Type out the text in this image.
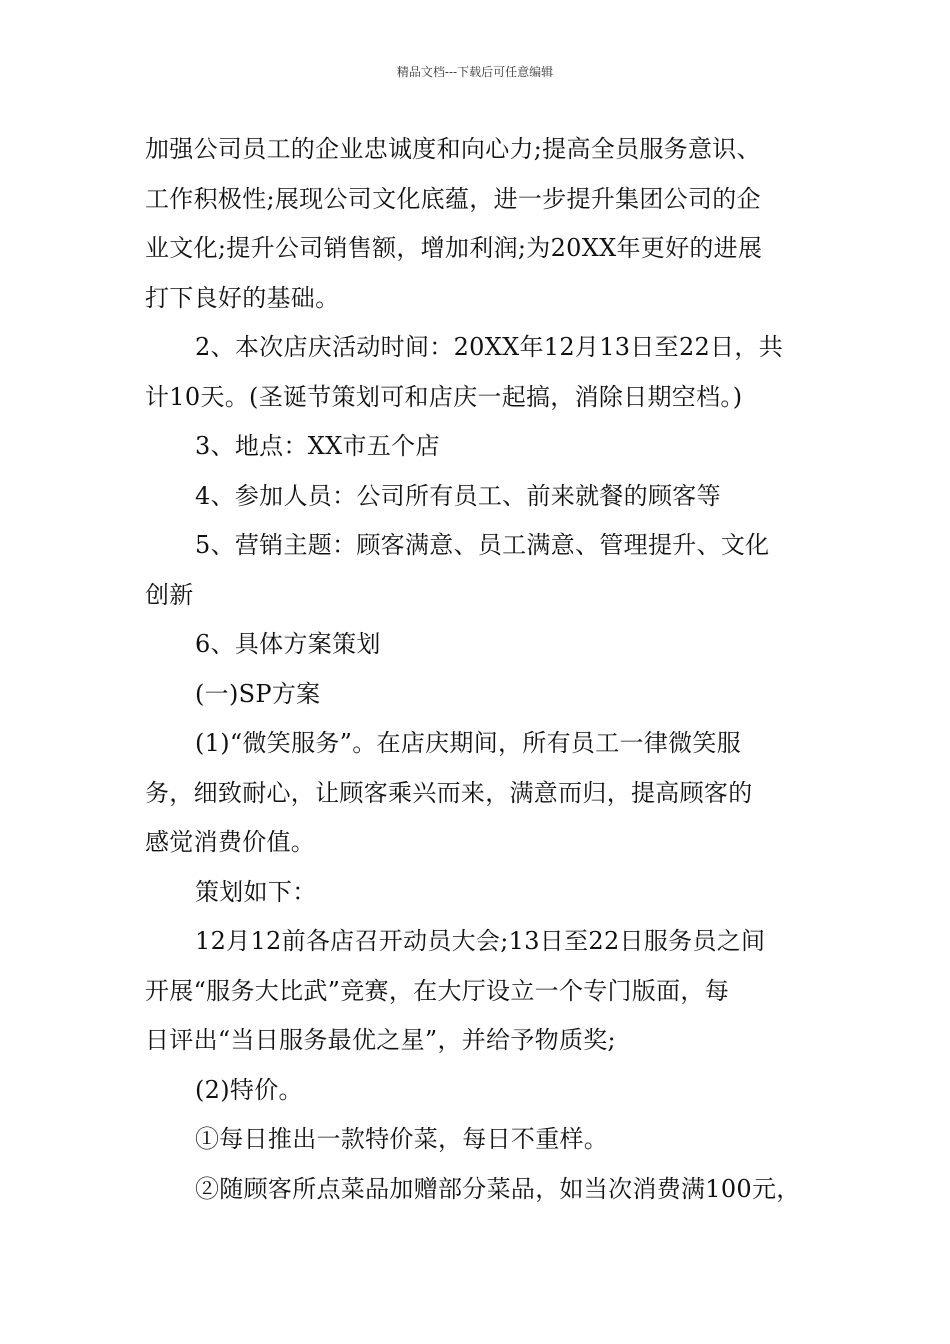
精品文档---下载后可任意编辑
加强公司员工的企业忠诚度和向心力;提高全员服务意识、
工作积极性;展现公司文化底蕴，进一步提升集团公司的企
业文化;提升公司销售额，增加利润;为20XX年更好的进展
打下良好的基础。
2、本次店庆活动时间：20XX年12月13日至22日，共
计10天。(圣诞节策划可和店庆一起搞，消除日期空档。)
3、地点：XX市五个店
4、参加人员：公司所有员工、前来就餐的顾客等
5、营销主题：顾客满意、员工满意、管理提升、文化
创新
6、具体方案策划
(一)SP方案
(1)“微笑服务”。在店庆期间，所有员工一律微笑服
务，细致耐心，让顾客乘兴而来，满意而归，提高顾客的
感觉消费价值。
策划如下：
12月12前各店召开动员大会;13日至22日服务员之间
开展“服务大比武”竞赛，在大厅设立一个专门版面，每
日评出“当日服务最优之星”，并给予物质奖;
(2)特价。
①每日推出一款特价菜，每日不重样。
②随顾客所点菜品加赠部分菜品，如当次消费满100元，
